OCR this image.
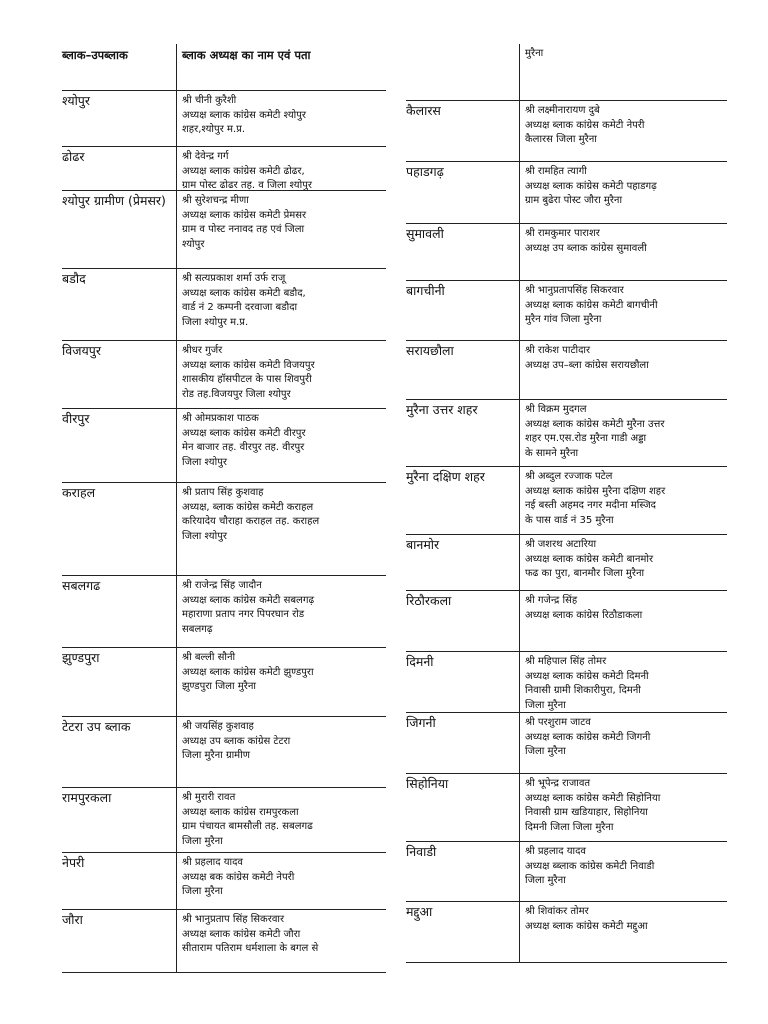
ब्लाक–उपब्लाक	ब्लाक अध्यक्ष का नाम एवं पता
श्योपुर	श्री चीनी कुरैशी
अध्यक्ष ब्लाक कांग्रेस कमेटी श्योपुर
शहर,श्योपुर म.प्र.
ढोढर	श्री देवेन्द्र गर्ग
अध्यक्ष ब्लाक कांग्रेस कमेटी ढोढर,
ग्राम पोस्ट ढोढर तह. व जिला श्योपुर
श्योपुर ग्रामीण (प्रेमसर)	श्री सुरेशचन्द्र मीणा
अध्यक्ष ब्लाक कांग्रेस कमेटी प्रेमसर
ग्राम व पोस्ट ननावद तह एवं जिला
श्योपुर
बडौद	श्री सत्यप्रकाश शर्मा उर्फ राजू
अध्यक्ष ब्लाक कांग्रेस कमेटी बडौद,
वार्ड नं 2 कम्पनी दरवाजा बडौदा
जिला श्योपुर म.प्र.
विजयपुर	श्रीधर गुर्जर
अध्यक्ष ब्लाक कांग्रेस कमेटी विजयपुर
शासकीय हॉसपीटल के पास शिवपुरी
रोड तह.विजयपुर जिला श्योपुर
वीरपुर	श्री ओमप्रकाश पाठक
अध्यक्ष ब्लाक कांग्रेस कमेटी वीरपुर
मेन बाजार तह. वीरपुर तह. वीरपुर
जिला श्योपुर
कराहल	श्री प्रताप सिंह कुशवाह
अध्यक्ष, ब्लाक कांग्रेस कमेटी कराहल
करियादेय चौराहा कराहल तह. कराहल
जिला श्योपुर
सबलगढ	श्री राजेन्द्र सिंह जादौन
अध्यक्ष ब्लाक कांग्रेस कमेटी सबलगढ़
महाराणा प्रताप नगर पिपरघान रोड
सबलगढ़
झुण्डपुरा	श्री बल्ली सौनी
अध्यक्ष ब्लाक कांग्रेस कमेटी झुण्डपुरा
झुण्डपुरा जिला मुरैना
टेटरा उप ब्लाक	श्री जयसिंह कुशवाह
अध्यक्ष उप ब्लाक कांग्रेस टेटरा
जिला मुरैना ग्रामीण
रामपुरकला	श्री मुरारी रावत
अध्यक्ष ब्लाक कांग्रेस रामपुरकला
ग्राम पंचायत बामसौली तह. सबलगढ
जिला मुरैना
नेपरी	श्री प्रहलाद यादव
अध्यक्ष बक कांग्रेस कमेटी नेपरी
जिला मुरैना
जौरा	श्री भानुप्रताप सिंह सिकरवार
अध्यक्ष ब्लाक कांग्रेस कमेटी जौरा
सीताराम पतिराम धर्मशाला के बगल से
मुरैना
कैलारस	श्री लक्ष्मीनारायण दुबे
अध्यक्ष ब्लाक कांग्रेस कमेटी नेपरी
कैलारस जिला मुरैना
पहाडगढ़	श्री रामहित त्यागी
अध्यक्ष ब्लाक कांग्रेस कमेटी पहाडगढ़
ग्राम बुढेरा पोस्ट जौरा मुरैना
सुमावली	श्री रामकुमार पाराशर
अध्यक्ष उप ब्लाक कांग्रेस सुमावली
बागचीनी	श्री भानुप्रतापसिंह सिकरवार
अध्यक्ष ब्लाक कांग्रेस कमेटी बागचीनी
मुरैन गांव जिला मुरैना
सरायछौला	श्री राकेश पाटीदार
अध्यक्ष उप–ब्ला कांग्रेस सरायछौला
मुरैना उत्तर शहर	श्री विक्रम मुदगल
अध्यक्ष ब्लाक कांग्रेस कमेटी मुरैना उत्तर
शहर एम.एस.रोड मुरैना गाडी अड्डा
के सामने मुरैना
मुरैना दक्षिण शहर	श्री अब्दुल रज्जाक पटेल
अध्यक्ष ब्लाक कांग्रेस मुरैना दक्षिण शहर
नई बस्ती अहमद नगर मदीना मस्जिद
के पास वार्ड नं 35 मुरैना
बानमोर	श्री जशरथ अटारिया
अध्यक्ष ब्लाक कांग्रेस कमेटी बानमोर
फढ का पुरा, बानमौर जिला मुरैना
रिठौरकला	श्री गजेन्द्र सिंह
अध्यक्ष ब्लाक कांग्रेस रिठौडाकला
दिमनी	श्री महिपाल सिंह तोमर
अध्यक्ष ब्लाक कांग्रेस कमेटी दिमनी
निवासी ग्रामी शिकारीपुरा, दिमनी
जिला मुरैना
जिगनी	श्री परशुराम जाटव
अध्यक्ष ब्लाक कांग्रेस कमेटी जिगनी
जिला मुरैना
सिहोनिया	श्री भूपेन्द्र राजावत
अध्यक्ष ब्लाक कांग्रेस कमेटी सिहोनिया
निवासी ग्राम खडियाहार, सिहोनिया
दिमनी जिला जिला मुरैना
निवाडी	श्री प्रहलाद यादव
अध्यक्ष ब्ब्लाक कांग्रेस कमेटी निवाडी
जिला मुरैना
मद्दुआ	श्री शिवांकर तोमर
अध्यक्ष ब्लाक कांग्रेस कमेटी मद्दुआ
